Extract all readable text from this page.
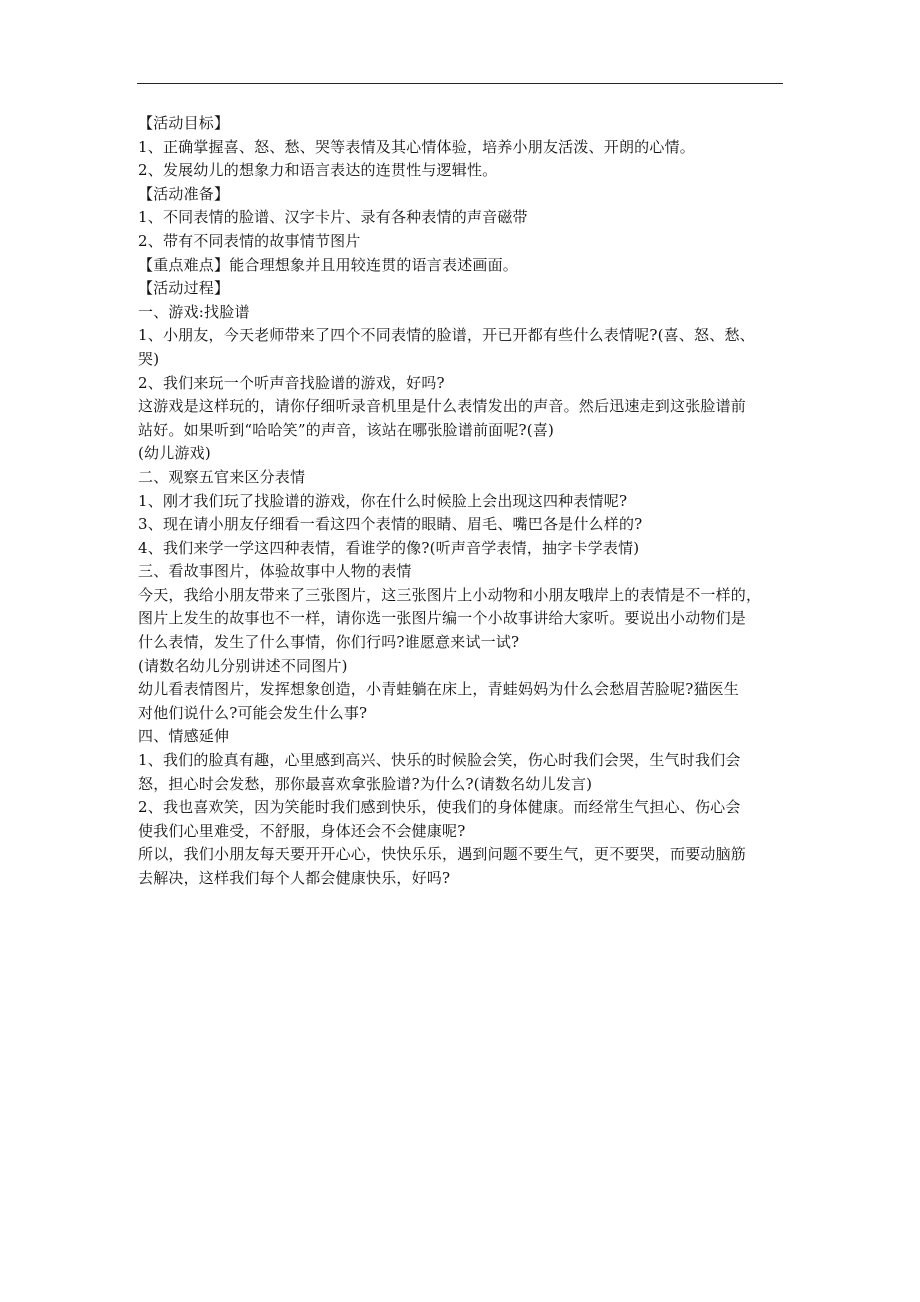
【活动目标】
1、正确掌握喜、怒、愁、哭等表情及其心情体验，培养小朋友活泼、开朗的心情。
2、发展幼儿的想象力和语言表达的连贯性与逻辑性。
【活动准备】
1、不同表情的脸谱、汉字卡片、录有各种表情的声音磁带
2、带有不同表情的故事情节图片
【重点难点】能合理想象并且用较连贯的语言表述画面。
【活动过程】
一、游戏:找脸谱
1、小朋友，今天老师带来了四个不同表情的脸谱，开已开都有些什么表情呢?(喜、怒、愁、
哭)
2、我们来玩一个听声音找脸谱的游戏，好吗?
这游戏是这样玩的，请你仔细听录音机里是什么表情发出的声音。然后迅速走到这张脸谱前
站好。如果听到“哈哈笑”的声音，该站在哪张脸谱前面呢?(喜)
(幼儿游戏)
二、观察五官来区分表情
1、刚才我们玩了找脸谱的游戏，你在什么时候脸上会出现这四种表情呢?
3、现在请小朋友仔细看一看这四个表情的眼睛、眉毛、嘴巴各是什么样的?
4、我们来学一学这四种表情，看谁学的像?(听声音学表情，抽字卡学表情)
三、看故事图片，体验故事中人物的表情
今天，我给小朋友带来了三张图片，这三张图片上小动物和小朋友哦岸上的表情是不一样的，
图片上发生的故事也不一样，请你选一张图片编一个小故事讲给大家听。要说出小动物们是
什么表情，发生了什么事情，你们行吗?谁愿意来试一试?
(请数名幼儿分别讲述不同图片)
幼儿看表情图片，发挥想象创造，小青蛙躺在床上，青蛙妈妈为什么会愁眉苦脸呢?猫医生
对他们说什么?可能会发生什么事?
四、情感延伸
1、我们的脸真有趣，心里感到高兴、快乐的时候脸会笑，伤心时我们会哭，生气时我们会
怒，担心时会发愁，那你最喜欢拿张脸谱?为什么?(请数名幼儿发言)
2、我也喜欢笑，因为笑能时我们感到快乐，使我们的身体健康。而经常生气担心、伤心会
使我们心里难受，不舒服，身体还会不会健康呢?
所以，我们小朋友每天要开开心心，快快乐乐，遇到问题不要生气，更不要哭，而要动脑筋
去解决，这样我们每个人都会健康快乐，好吗?
